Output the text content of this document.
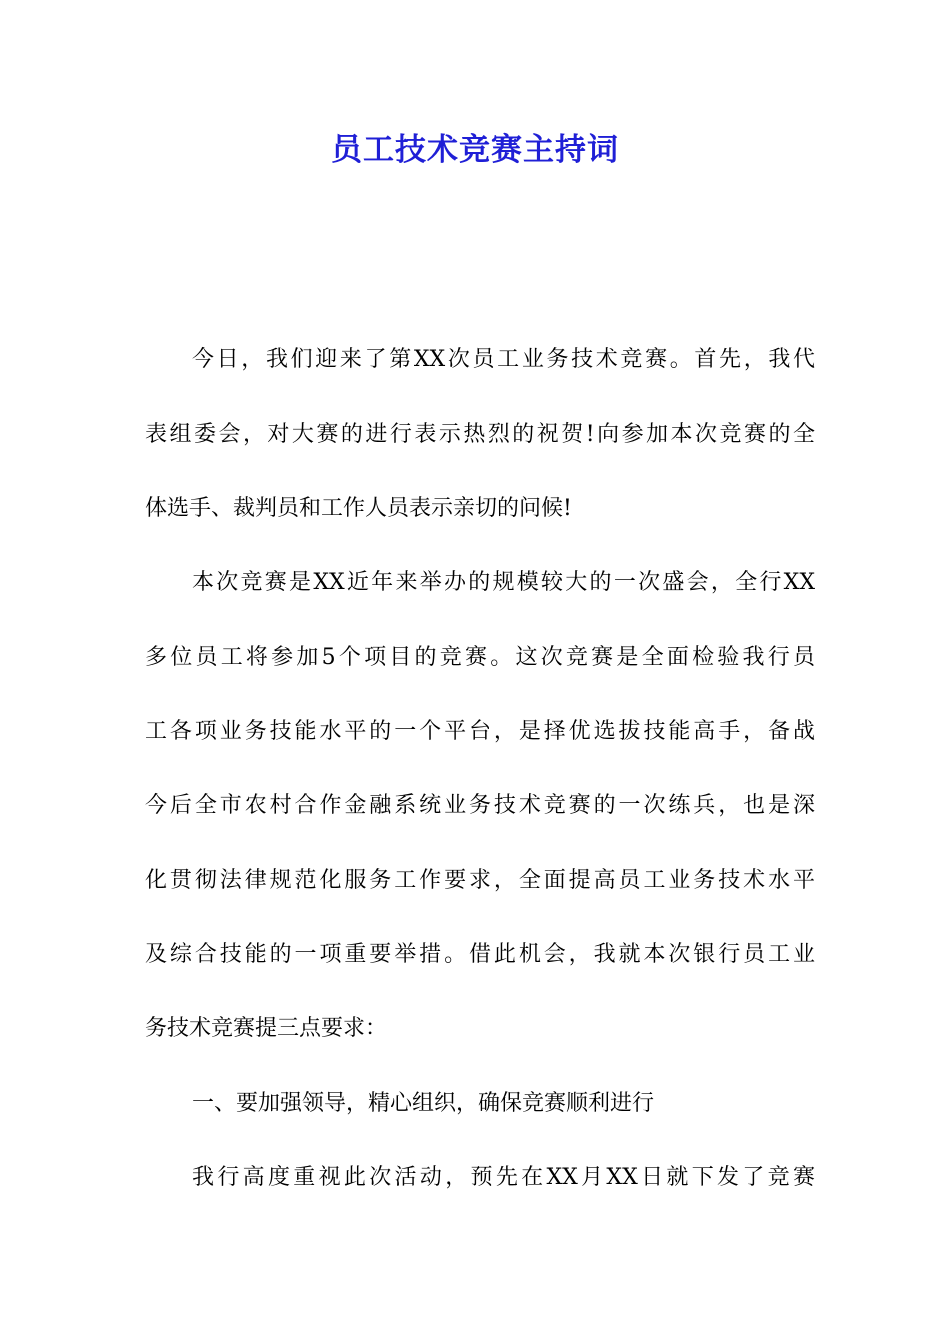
员工技术竞赛主持词
今日，我们迎来了第XX次员工业务技术竞赛。首先，我代
表组委会，对大赛的进行表示热烈的祝贺!向参加本次竞赛的全
体选手、裁判员和工作人员表示亲切的问候!
本次竞赛是XX近年来举办的规模较大的一次盛会，全行XX
多位员工将参加5个项目的竞赛。这次竞赛是全面检验我行员
工各项业务技能水平的一个平台，是择优选拔技能高手，备战
今后全市农村合作金融系统业务技术竞赛的一次练兵，也是深
化贯彻法律规范化服务工作要求，全面提高员工业务技术水平
及综合技能的一项重要举措。借此机会，我就本次银行员工业
务技术竞赛提三点要求：
一、要加强领导，精心组织，确保竞赛顺利进行
我行高度重视此次活动，预先在XX月XX日就下发了竞赛
